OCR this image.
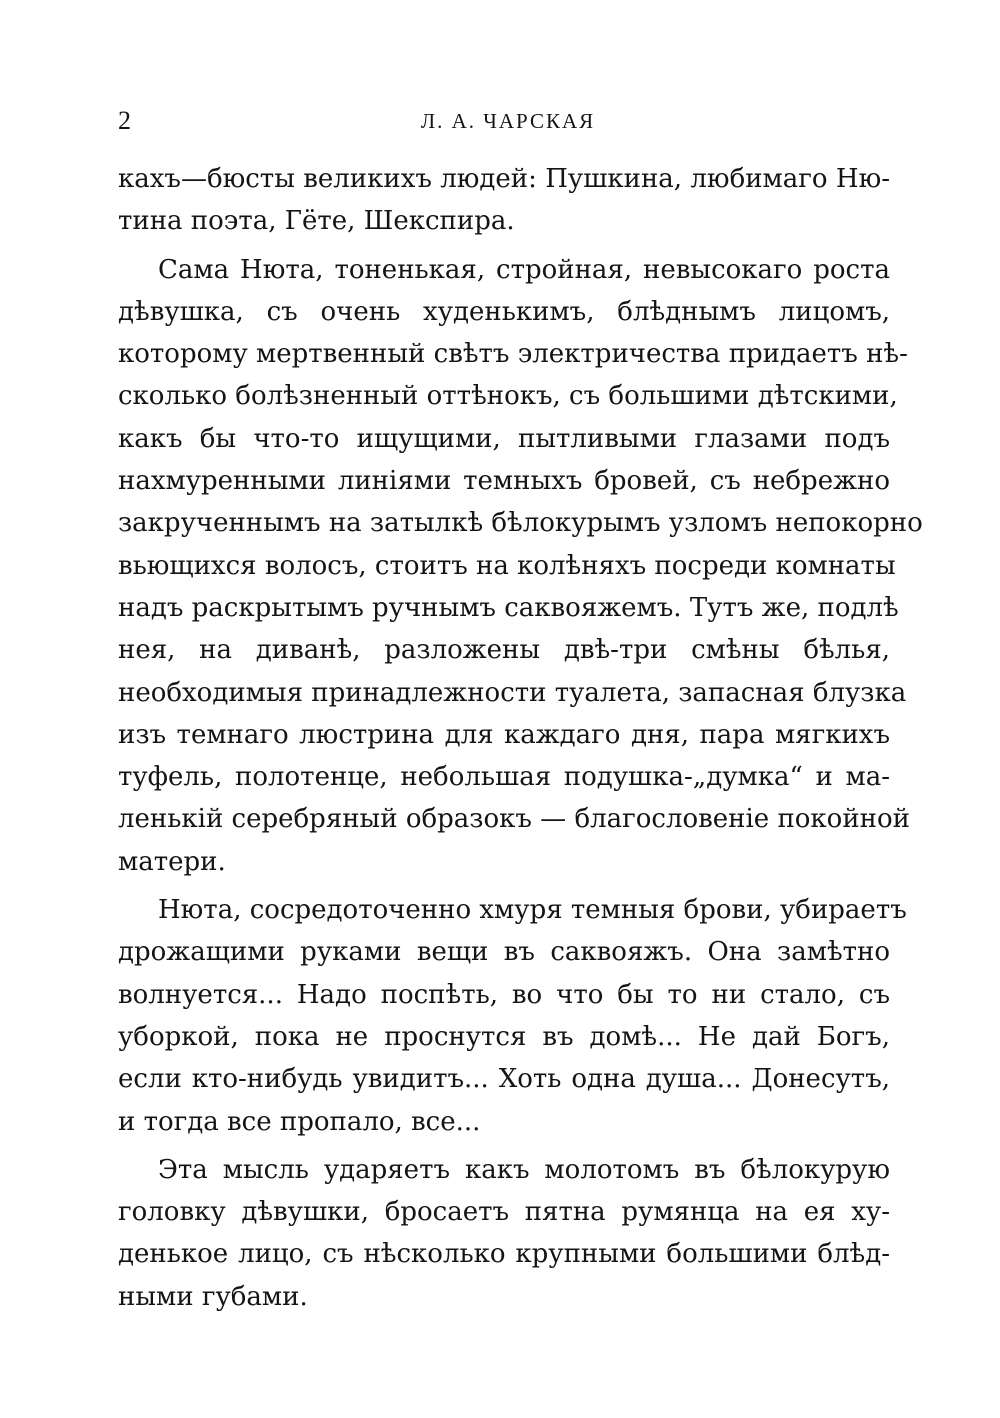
2	Л. А. ЧАРСКАЯ
кахъ—бюсты великихъ людей: Пушкина, любимаго Ню-
тина поэта, Гёте, Шекспира.
Сама Нюта, тоненькая, стройная, невысокаго роста
дѣвушка, съ очень худенькимъ, блѣднымъ лицомъ,
которому мертвенный свѣтъ электричества придаетъ нѣ-
сколько болѣзненный оттѣнокъ, съ большими дѣтскими,
какъ бы что-то ищущими, пытливыми глазами подъ
нахмуренными линіями темныхъ бровей, съ небрежно
закрученнымъ на затылкѣ бѣлокурымъ узломъ непокорно
вьющихся волосъ, стоитъ на колѣняхъ посреди комнаты
надъ раскрытымъ ручнымъ саквояжемъ. Тутъ же, подлѣ
нея, на диванѣ, разложены двѣ-три смѣны бѣлья,
необходимыя принадлежности туалета, запасная блузка
изъ темнаго люстрина для каждаго дня, пара мягкихъ
туфель, полотенце, небольшая подушка-„думка“ и ма-
ленькій серебряный образокъ — благословеніе покойной
матери.
Нюта, сосредоточенно хмуря темныя брови, убираетъ
дрожащими руками вещи въ саквояжъ. Она замѣтно
волнуется... Надо поспѣть, во что бы то ни стало, съ
уборкой, пока не проснутся въ домѣ... Не дай Богъ,
если кто-нибудь увидитъ... Хоть одна душа... Донесутъ,
и тогда все пропало, все...
Эта мысль ударяетъ какъ молотомъ въ бѣлокурую
головку дѣвушки, бросаетъ пятна румянца на ея ху-
денькое лицо, съ нѣсколько крупными большими блѣд-
ными губами.
